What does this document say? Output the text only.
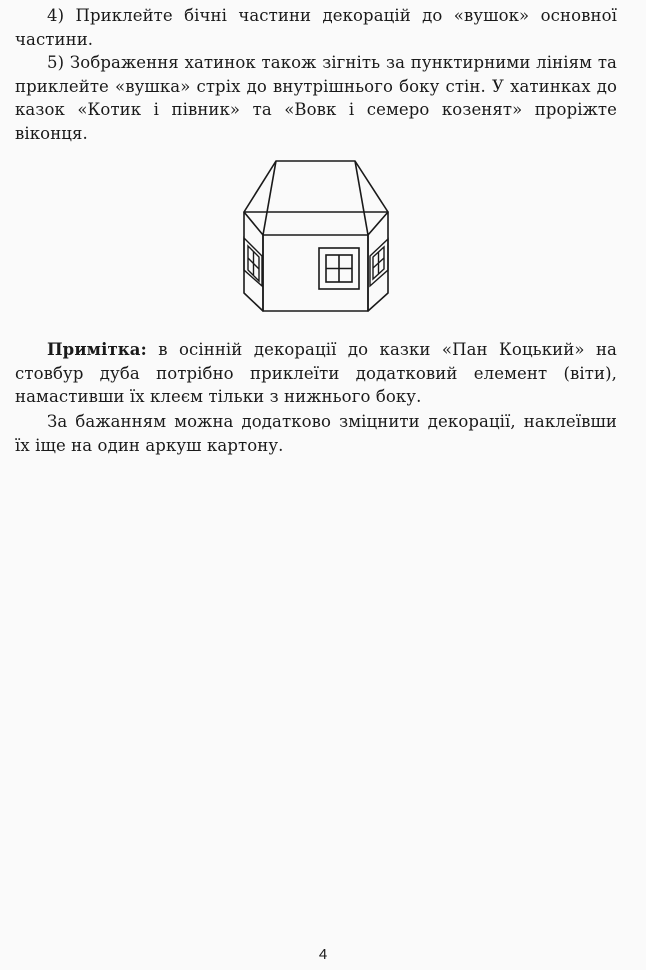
4) Приклейте бічні частини декорацій до «вушок» основної частини.

5) Зображення хатинок також зігніть за пунктирними лініям та приклейте «вушка» стріх до внутрішнього боку стін. У хатинках до казок «Котик і півник» та «Вовк і семеро козенят» проріжте віконця.

Примітка: в осінній декорації до казки «Пан Коцький» на стовбур дуба потрібно приклеїти додатковий елемент (віти), намастивши їх клеєм тільки з нижнього боку.

За бажанням можна додатково зміцнити декорації, наклеївши їх іще на один аркуш картону.

4
